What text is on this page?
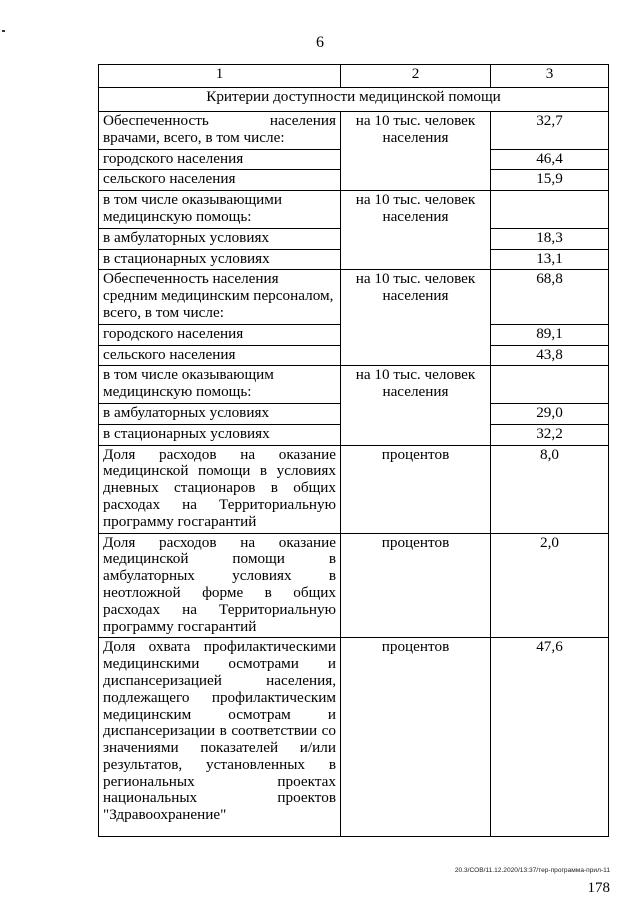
6
1	2	3
Критерии доступности медицинской помощи		
Обеспеченность населения врачами, всего, в том числе:	на 10 тыс. человек населения	32,7
городского населения		46,4
сельского населения		15,9
в том числе оказывающими медицинскую помощь:	на 10 тыс. человек населения	
в амбулаторных условиях		18,3
в стационарных условиях		13,1
Обеспеченность населения средним медицинским персоналом, всего, в том числе:	на 10 тыс. человек населения	68,8
городского населения		89,1
сельского населения		43,8
в том числе оказывающим медицинскую помощь:	на 10 тыс. человек населения	
в амбулаторных условиях		29,0
в стационарных условиях		32,2
Доля расходов на оказание медицинской помощи в условиях дневных стационаров в общих расходах на Территориальную программу госгарантий	процентов	8,0
Доля расходов на оказание медицинской помощи в амбулаторных условиях в неотложной форме в общих расходах на Территориальную программу госгарантий	процентов	2,0
Доля охвата профилактическими медицинскими осмотрами и диспансеризацией населения, подлежащего профилактическим медицинским осмотрам и диспансеризации в соответствии со значениями показателей и/или результатов, установленных в региональных проектах национальных проектов "Здравоохранение"	процентов	47,6
20.3/СОВ/11.12.2020/13:37/тер-программа-прил-11
178
